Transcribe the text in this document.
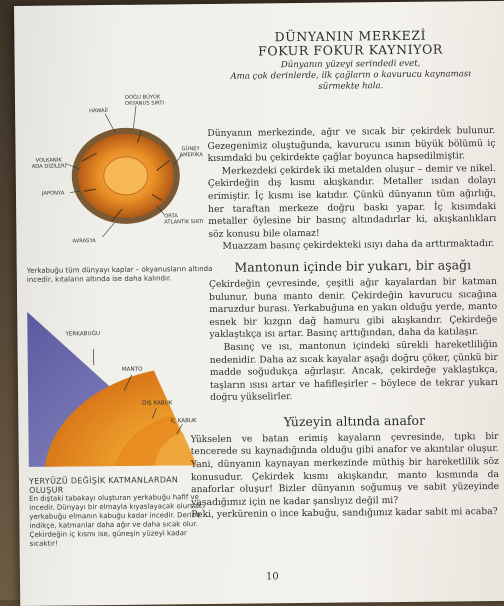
HAWAİİ
DOĞU BÜYÜK
OKYANUS SIRTI
VOLKANİK
ADA DİZİLERİ
GÜNEY
AMERİKA
JAPONYA
ORTA
ATLANTİK SIRTI
AVRASYA
Yerkabuğu tüm dünyayı kaplar – okyanusların altında incedir, kıtaların altında ise daha kalındır.
YERKABUĞU
MANTO
DIŞ KABUK
İÇ KABUK
YERYÜZÜ DEĞİŞİK KATMANLARDAN OLUŞUR
En dıştaki tabakayı oluşturan yerkabuğu hafif ve incedir. Dünyayı bir elmayla kıyaslayacak olursak, yerkabuğu elmanın kabuğu kadar incedir. Derine indikçe, katmanlar daha ağır ve daha sıcak olur. Çekirdeğin iç kısmı ise, güneşin yüzeyi kadar sıcaktır!
DÜNYANIN MERKEZİ
FOKUR FOKUR KAYNIYOR
Dünyanın yüzeyi serindedi evet,
Ama çok derinlerde, ilk çağların o kavurucu kaynaması
sürmekte hala.

Dünyanın merkezinde, ağır ve sıcak bir çekirdek bulunur. Gezegenimiz oluştuğunda, kavurucu ısının büyük bölümü iç kısımdaki bu çekirdekte çağlar boyunca hapsedilmiştir.

Merkezdeki çekirdek iki metalden oluşur – demir ve nikel. Çekirdeğin dış kısmı akışkandır. Metaller ısıdan dolayı erimiştir. İç kısmı ise katıdır. Çünkü dünyanın tüm ağırlığı, her taraftan merkeze doğru baskı yapar. İç kısımdaki metaller öylesine bir basınç altındadırlar ki, akışkanlıkları söz konusu bile olamaz!

Muazzam basınç çekirdekteki ısıyı daha da arttırmaktadır.

Mantonun içinde bir yukarı, bir aşağı

Çekirdeğin çevresinde, çeşitli ağır kayalardan bir katman bulunur, buna manto denir. Çekirdeğin kavurucu sıcağına maruzdur burası. Yerkabuğuna en yakın olduğu yerde, manto esnek bir kızgın dağ hamuru gibi akışkandır. Çekirdeğe yaklaştıkça ısı artar. Basınç arttığından, daha da katılaşır.

Basınç ve ısı, mantonun içindeki sürekli hareketliliğin nedenidir. Daha az sıcak kayalar aşağı doğru çöker, çünkü bir madde soğudukça ağırlaşır. Ancak, çekirdeğe yaklaştıkça, taşların ısısı artar ve hafifleşirler – böylece de tekrar yukarı doğru yükselirler.

Yüzeyin altında anafor

Yükselen ve batan erimiş kayaların çevresinde, tıpkı bir tencerede su kaynadığında olduğu gibi anafor ve akıntılar oluşur. Yani, dünyanın kaynayan merkezinde müthiş bir hareketlilik söz konusudur. Çekirdek kısmı akışkandır, manto kısmında da anaforlar oluşur! Bizler dünyanın soğumuş ve sabit yüzeyinde yaşadığımız için ne kadar şanslıyız değil mi?

Peki, yerkürenin o ince kabuğu, sandığımız kadar sabit mi acaba?

10
